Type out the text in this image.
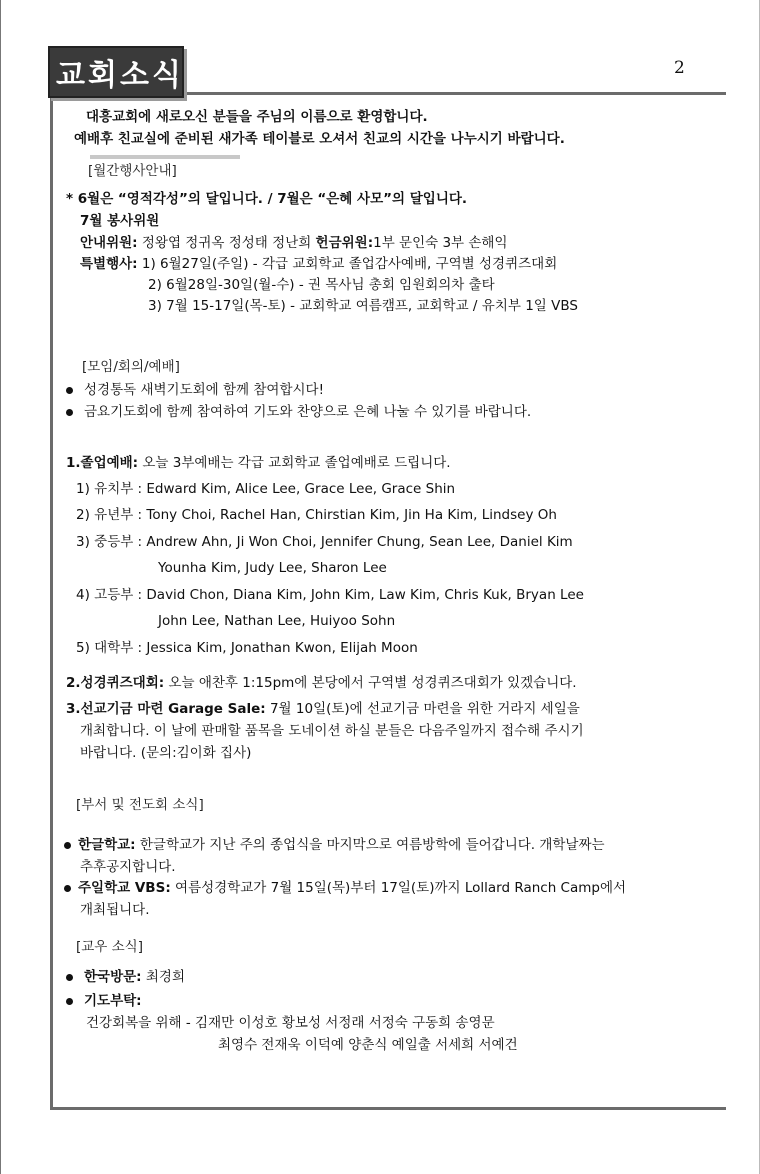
교회소식	2
대흥교회에 새로오신 분들을 주님의 이름으로 환영합니다.
예배후 친교실에 준비된 새가족 테이블로 오셔서 친교의 시간을 나누시기 바랍니다.
[월간행사안내]
* 6월은 “영적각성”의 달입니다. / 7월은 “은혜 사모”의 달입니다.
7월 봉사위원
안내위원: 정왕엽 정귀옥 정성태 정난희 헌금위원:1부 문인숙 3부 손해익
특별행사: 1) 6월27일(주일) - 각급 교회학교 졸업감사예배, 구역별 성경퀴즈대회
2) 6월28일-30일(월-수) - 권 목사님 총회 임원회의차 출타
3) 7월 15-17일(목-토) - 교회학교 여름캠프, 교회학교 / 유치부 1일 VBS
[모임/회의/예배]
성경통독 새벽기도회에 함께 참여합시다!
금요기도회에 함께 참여하여 기도와 찬양으로 은혜 나눌 수 있기를 바랍니다.
1.졸업예배: 오늘 3부예배는 각급 교회학교 졸업예배로 드립니다.
1) 유치부 : Edward Kim, Alice Lee, Grace Lee, Grace Shin
2) 유년부 : Tony Choi, Rachel Han, Chirstian Kim, Jin Ha Kim, Lindsey Oh
3) 중등부 : Andrew Ahn, Ji Won Choi, Jennifer Chung, Sean Lee, Daniel Kim
Younha Kim, Judy Lee, Sharon Lee
4) 고등부 : David Chon, Diana Kim, John Kim, Law Kim, Chris Kuk, Bryan Lee
John Lee, Nathan Lee, Huiyoo Sohn
5) 대학부 : Jessica Kim, Jonathan Kwon, Elijah Moon
2.성경퀴즈대회: 오늘 애찬후 1:15pm에 본당에서 구역별 성경퀴즈대회가 있겠습니다.
3.선교기금 마련 Garage Sale: 7월 10일(토)에 선교기금 마련을 위한 거라지 세일을
개최합니다. 이 날에 판매할 품목을 도네이션 하실 분들은 다음주일까지 접수해 주시기
바랍니다. (문의:김이화 집사)
[부서 및 전도회 소식]
한글학교: 한글학교가 지난 주의 종업식을 마지막으로 여름방학에 들어갑니다. 개학날짜는
추후공지합니다.
주일학교 VBS: 여름성경학교가 7월 15일(목)부터 17일(토)까지 Lollard Ranch Camp에서
개최됩니다.
[교우 소식]
한국방문: 최경희
기도부탁:
건강회복을 위해 - 김재만 이성호 황보성 서정래 서정숙 구동희 송영문
최영수 전재욱 이덕예 양춘식 예일출 서세희 서예건
